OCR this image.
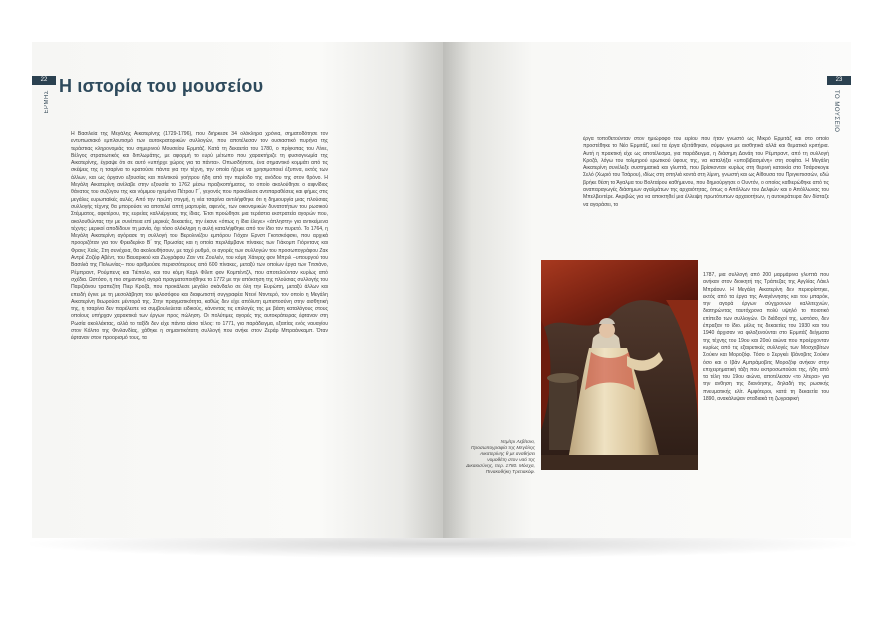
22
ΕΡΜΗΣ
Η ιστορία του μουσείου

Η Βασιλεία της Μεγάλης Αικατερίνης (1729-1796), που διήρκεσε 34 ολόκληρα χρόνια, σηματοδότησε τον εντυπωσιακό εμπλουτισμό των αυτοκρατορικών συλλογών, που αποτέλεσαν τον ουσιαστικό πυρήνα της τεράστιας κληρονομιάς του σημερινού Μουσείου Ερμιτάζ. Κατά τη δεκαετία του 1780, ο πρίγκιπας του Λίνιε, Βέλγος στρατιωτικός και διπλωμάτης, με αφορμή το ευρύ μέτωπο που χαρακτήριζε τη φυσιογνωμία της Αικατερίνης, έγραψε ότι σε αυτό «υπήρχε χώρος για τα πάντα». Οπωσδήποτε, ένα σημαντικό κομμάτι από τις σκέψεις της η τσαρίνα το κρατούσε πάντα για την τέχνη, την οποία ήξερε να χρησιμοποιεί έξυπνα, εκτός των άλλων, και ως όργανο εξουσίας και πολιτικού γοήτρου ήδη από την περίοδο της ανόδου της στον θρόνο. Η Μεγάλη Αικατερίνη ανέλαβε στην εξουσία το 1762 μέσω πραξικοπήματος, το οποίο ακολούθησε ο αιφνίδιος θάνατος του συζύγου της και νόμιμου ηγεμόνα Πέτρου Γ΄, γεγονός που προκάλεσε αντιπαραθέσεις και φήμες στις μεγάλες ευρωπαϊκές αυλές. Από την πρώτη στιγμή, η νέα τσαρίνα αντιλήφθηκε ότι η δημιουργία μιας πλούσιας συλλογής τέχνης θα μπορούσε να αποτελεί απτή μαρτυρία, αφενός, των οικονομικών δυνατοτήτων του ρωσικού Στέμματος, αφετέρου, της ευρείας καλλιέργειας της ίδιας. Έτσι προώθησε μια τεράστια εκστρατεία αγορών που, ακολουθώντας την με συνέπεια επί μερικές δεκαετίες, την έκανε «όπως η ίδια έλεγε» «άπληστη» για αντικείμενα τέχνης: μερικοί αποδίδουν τη μανία, όχι τόσο ολόκληρη η αυλή καταλήφθηκε από τον ίδιο τον πυρετό. Το 1764, η Μεγάλη Αικατερίνη αγόρασε τη συλλογή του Βερολινέζου εμπόρου Γιόχαν Ερνστ Γκοτσκόφσκι, που αρχικά προοριζόταν για τον Φρειδερίκο Β΄ της Πρωσίας και η οποία περιλάμβανε πίνακες των Γιάκομπ Γιόρντανς και Φρανς Χαλς. Στη συνέχεια, θα ακολουθήσουν, με ταχύ ρυθμό, οι αγορές των συλλογών του προσωπογράφου Ζακ Αντρέ Ζοζέφ Αβέντ, του Βαυαρικού και Ζωγράφου Ζαν ντε Ζουλιέν, του κόμη Χάινριχ φον Μπριλ –υπουργού του Βασιλιά της Πολωνίας– που αριθμούσε περισσότερους από 600 πίνακες, μεταξύ των οποίων έργα των Τιτσιάνο, Ρέμπραντ, Ρούμπενς και Τιέπολο, και του κόμη Καρλ Φίλιπ φον Κομπέντζλ, που αποτελούνταν κυρίως από σχέδια. Ωστόσο, η πιο σημαντική αγορά πραγματοποιήθηκε το 1772 με την απόκτηση της πλούσιας συλλογής του Παριζιάνου τραπεζίτη Πιερ Κροζά, που προκάλεσε μεγάλο σκάνδαλο σε όλη την Ευρώπη, μεταξύ άλλων και επειδή έγινε με τη μεσολάβηση του φιλοσόφου και διαφωτιστή συγγραφέα Ντενί Ντιντερό, τον οποίο η Μεγάλη Αικατερίνη θεωρούσε μέντορά της. Στην πραγματικότητα, καθώς δεν είχε απόλυτη εμπιστοσύνη στην αισθητική της, η τσαρίνα δεν παρέλειπε να συμβουλεύεται ειδικούς, κάνοντας τις επιλογές της με βάση καταλόγους στους οποίους υπήρχαν χαρακτικά των έργων προς πώληση. Οι πολύτιμες αγορές της αυτοκράτειρας έφταναν στη Ρωσία ακολλάκτας, αλλά το ταξίδι δεν είχε πάντα αίσιο τέλος: το 1771, για παράδειγμα, εξαιτίας ενός ναυαγίου στον Κόλπο της Φινλανδίας, χάθηκε η σημαντικότατη συλλογή που ανήκε στον Ζεράρ Μπραάνκαμπ. Όταν έφταναν στον προορισμό τους, τα

23
ΤΟ ΜΟΥΣΕΙΟ

έργα τοποθετούνταν στον ημιώροφο του ειρίου που ήταν γνωστό ως Μικρό Ερμιτάζ και στο οποίο προστέθηκε το Νέο Ερμιτάζ, εκεί τα έργα εξετάθηκαν, σύμφωνα με αισθητικά αλλά και θεματικά κριτήρια. Αυτή η πρακτική είχε ως αποτέλεσμα, για παράδειγμα, η διάσημη Δανάη του Ρέμπραντ, από τη συλλογή Κροζά, λόγω του τολμηρού ερωτικού ύφους της, να καταλήξει «υποβιβασμένη» στη σοφίτα. Η Μεγάλη Αικατερίνη συνέλεξε συστηματικά και γλυπτά, που βρίσκονταν κυρίως στη θερινή κατοικία στο Τσάρσκογιε Σελό (Χωριό του Τσάρου), ιδίως στη σπηλιά κοντά στη λίμνη, γνωστή και ως Αίθουσα του Πριγκιπισσών, εδώ βρήκε θέση το Άγαλμα του Βολταίρου καθήμενου, που δημιούργησε ο Ουντόν, ο οποίος καθιερώθηκε από τις αναπαραγωγές διάσημων αγαλμάτων της αρχαιότητας, όπως ο Απόλλων του Δελφών και ο Απόλλωνας του Μπελβεντέρε. Ακριβώς για να αποκτηθεί μια έλλειψη πρωτότυπων αρχαιοτήτων, η αυτοκράτειρα δεν δίσταζε να αγοράσει, το

Ντμίτρι Λεβίτσκι, Προσωπογραφία της Μεγάλης Αικατερίνης θ με αναθήσει νομοθέτη στον ναό της Δικαιοσύνης, περ. 1780. Μόσχα, Πινακοθήκη Τρετιακόφ.

1787, μια συλλογή από 200 μαρμάρινα γλυπτά που ανήκαν στον διοικητή της Τράπεζας της Αγγλίας Λάιελ Μπράουν. Η Μεγάλη Αικατερίνη δεν περιορίστηκε, εκτός από τα έργα της Αναγέννησης και του μπαρόκ, την αγορά έργων σύγχρονων καλλιτεχνών, διατηρώντας ταυτόχρονα πολύ υψηλό το ποιοτικό επίπεδο των συλλογών. Οι διάδοχοί της, ωστόσο, δεν έπραξαν το ίδιο. μέλις τις δεκαετίες του 1930 και του 1940 άρχισαν να φιλοξενούνται στο Ερμιτάζ δείγματα της τέχνης του 19ου και 20ού αιώνα που προέρχονταν κυρίως από τις εξαιρετικές συλλογές των Μοσχοβίτων Σούκιν και Μοροζόφ. Τόσο ο Σεργκέι Ιβάνοβιτς Σούκιν όσο και ο Ιβάν Αμπράμοβιτς Μοροζόφ ανήκαν στην επιχειρηματική τάξη που εκπροσωπούσε της, ήδη από τα τέλη του 19ου αιώνα, αποτέλεσαν «το λίτερα» για την ανθηση της διανόησης, δηλαδή της ρωσικής πνευματικής ελίτ. Αμφότεροι, κατά τη δεκαετία του 1890, ανακάλυψαν σταδιακά τη ζωγραφική
